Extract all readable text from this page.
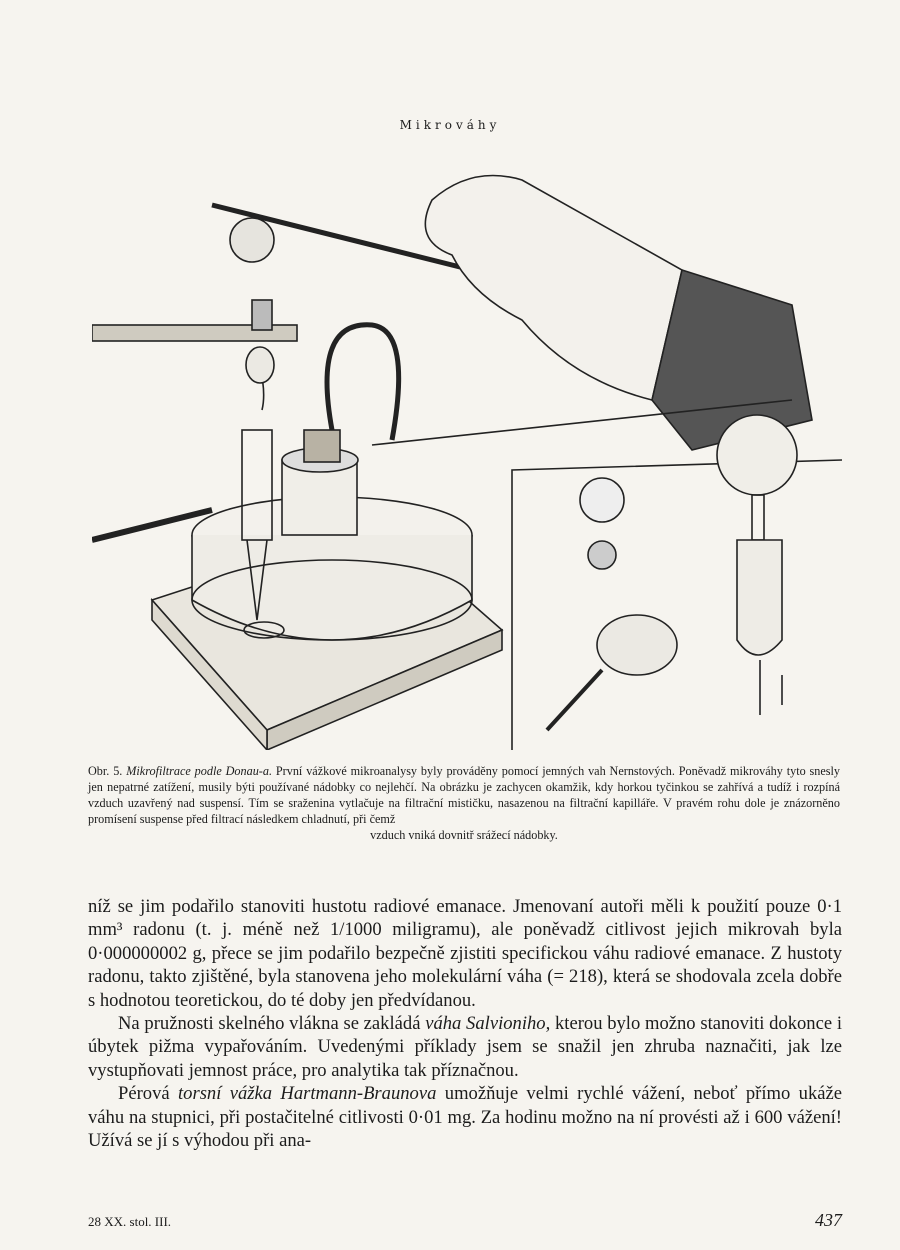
Mikrováhy
Obr. 5. Mikrofiltrace podle Donau-a. První vážkové mikroanalysy byly prováděny pomocí jemných vah Nernstových. Poněvadž mikrováhy tyto snesly jen nepatrné zatížení, musily býti používané nádobky co nejlehčí. Na obrázku je zachycen okamžik, kdy horkou tyčinkou se zahřívá a tudíž i rozpíná vzduch uzavřený nad suspensí. Tím se sraženina vytlačuje na filtrační mističku, nasazenou na filtrační kapilláře. V pravém rohu dole je znázorněno promísení suspense před filtrací následkem chladnutí, při čemž
vzduch vniká dovnitř srážecí nádobky.

níž se jim podařilo stanoviti hustotu radiové emanace. Jmenovaní autoři měli k použití pouze 0·1 mm³ radonu (t. j. méně než 1/1000 miligramu), ale poněvadž citlivost jejich mikrovah byla 0·000000002 g, přece se jim podařilo bezpečně zjistiti specifickou váhu radiové emanace. Z hustoty radonu, takto zjištěné, byla stanovena jeho molekulární váha (= 218), která se shodovala zcela dobře s hodnotou teoretickou, do té doby jen předvídanou.

Na pružnosti skelného vlákna se zakládá váha Salvioniho, kterou bylo možno stanoviti dokonce i úbytek pižma vypařováním. Uvedenými příklady jsem se snažil jen zhruba naznačiti, jak lze vystupňovati jemnost práce, pro analytika tak příznačnou.

Pérová torsní vážka Hartmann-Braunova umožňuje velmi rychlé vážení, neboť přímo ukáže váhu na stupnici, při postačitelné citlivosti 0·01 mg. Za hodinu možno na ní provésti až i 600 vážení! Užívá se jí s výhodou při ana-

28 XX. stol. III.	437
